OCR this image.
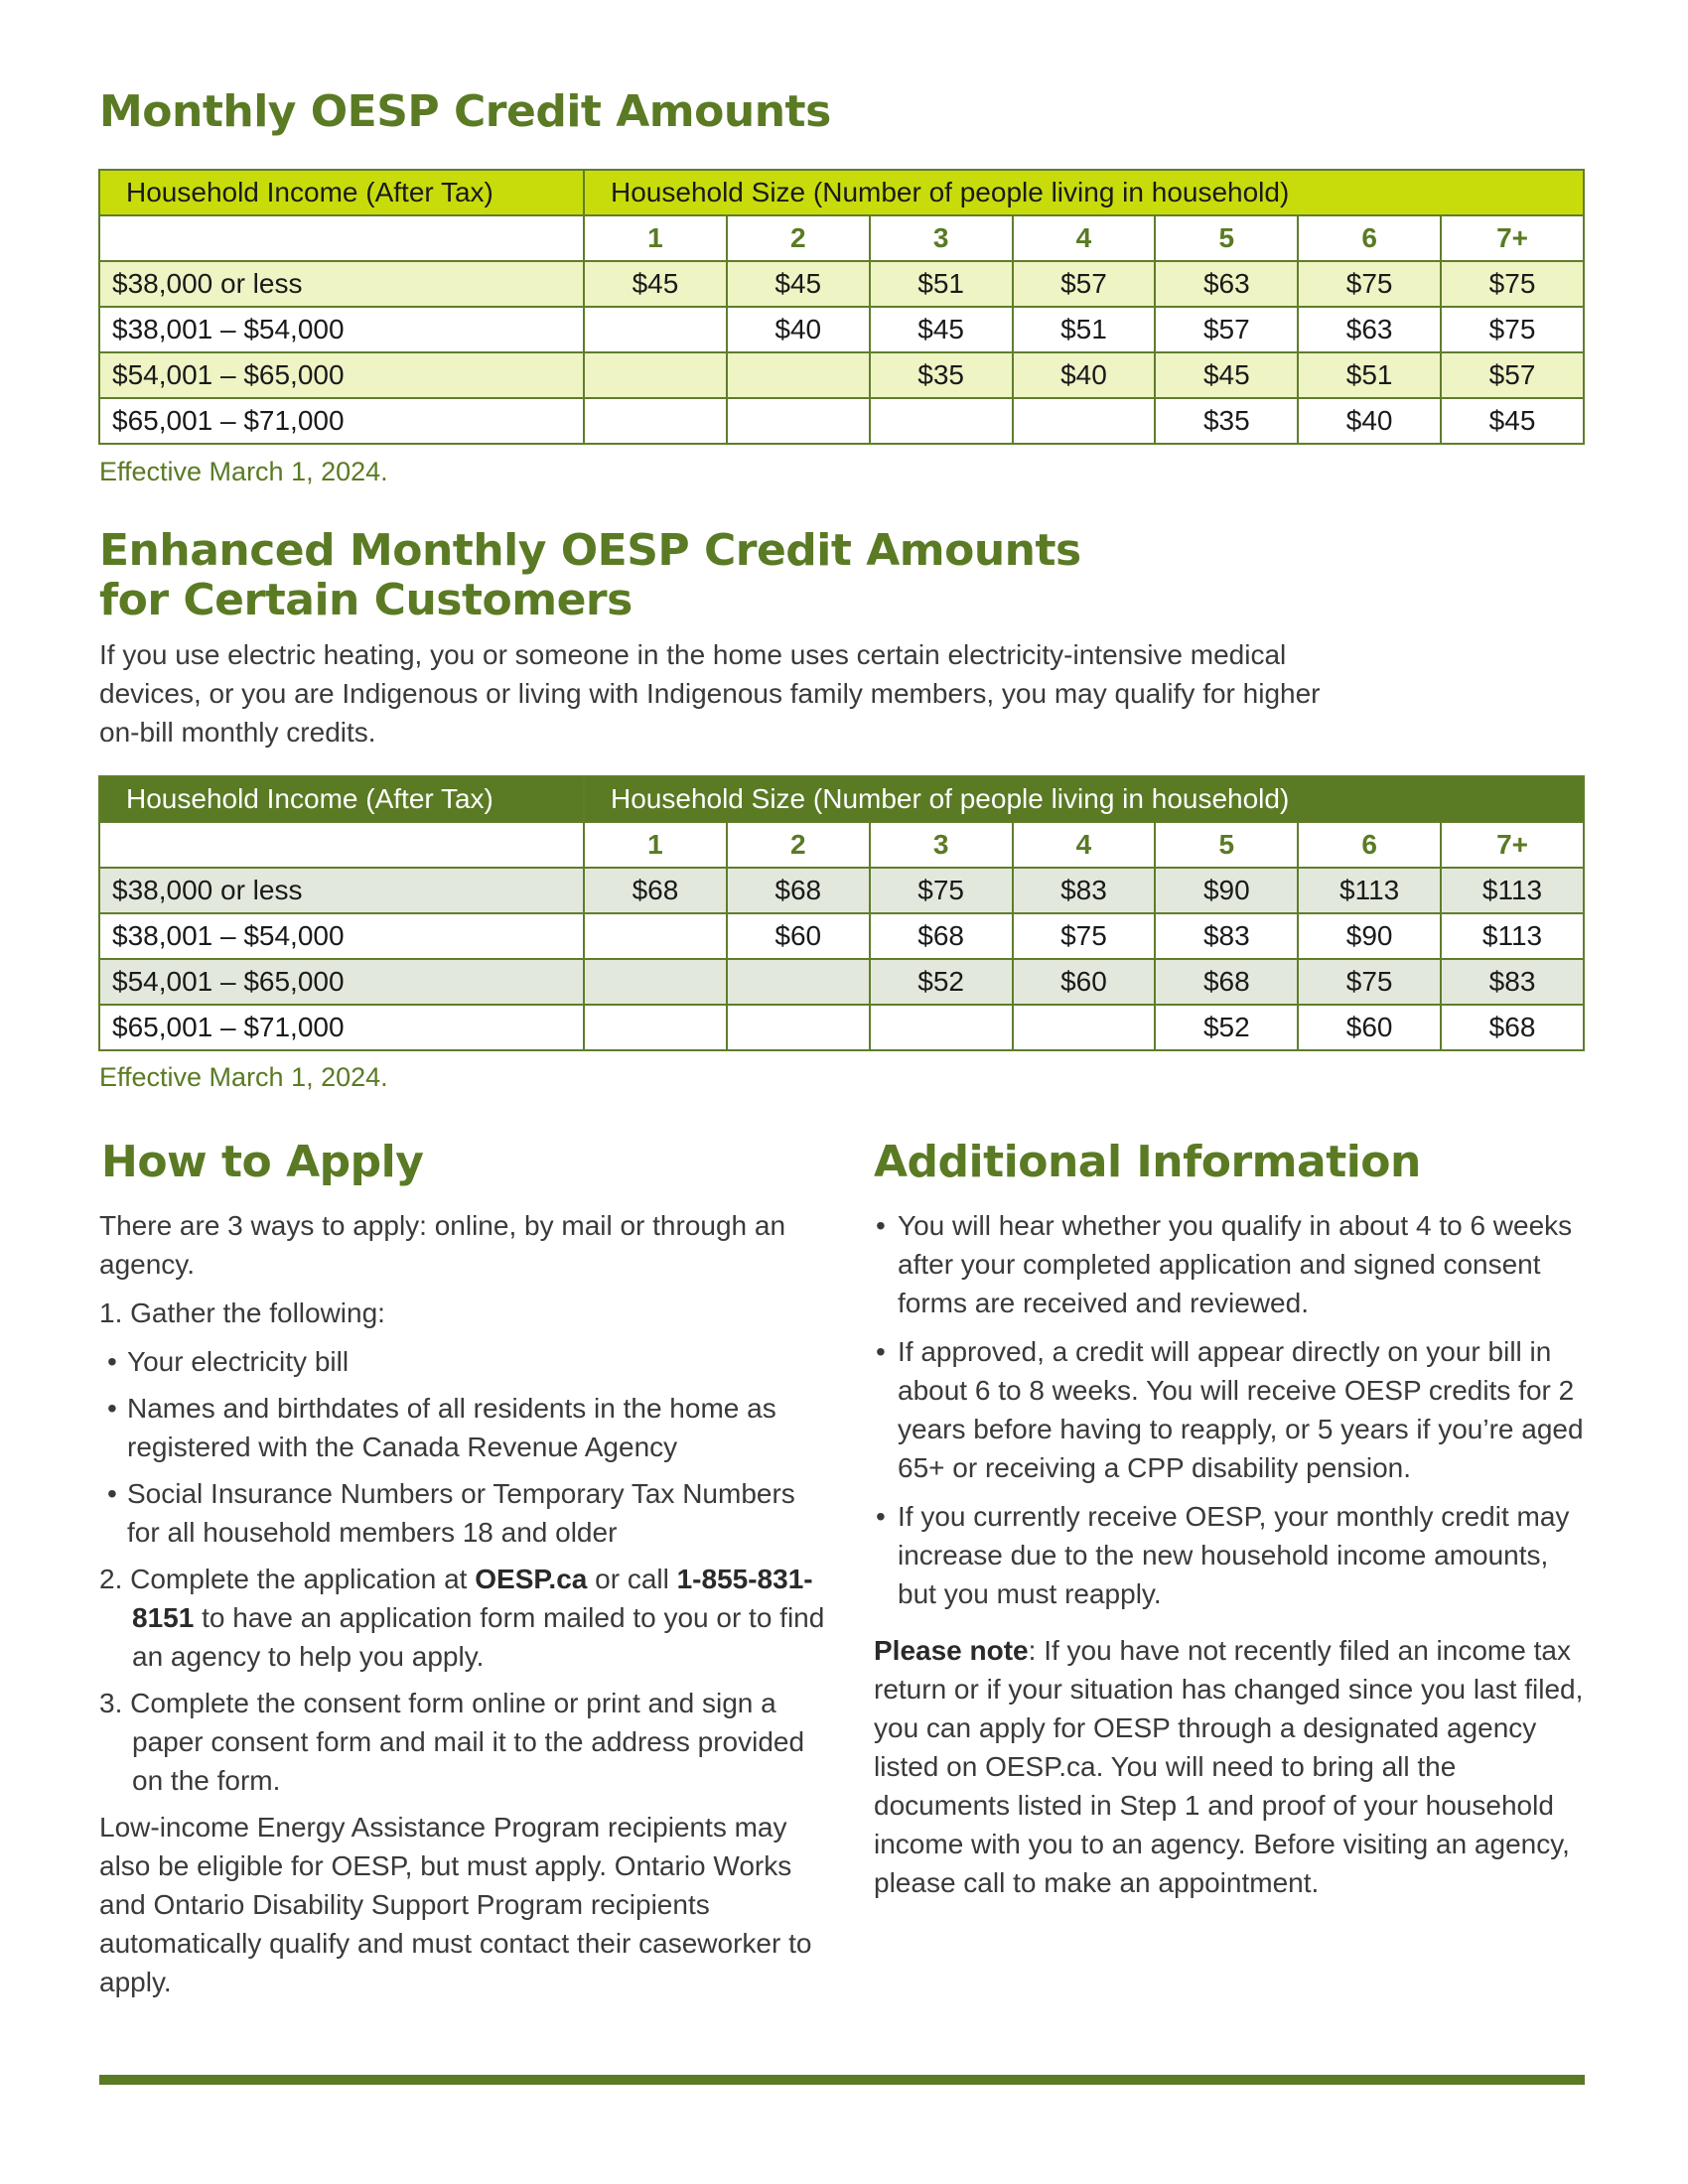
Monthly OESP Credit Amounts
Household Income (After Tax)	Household Size (Number of people living in household)						
	1	2	3	4	5	6	7+
$38,000 or less	$45	$45	$51	$57	$63	$75	$75
$38,001 – $54,000		$40	$45	$51	$57	$63	$75
$54,001 – $65,000			$35	$40	$45	$51	$57
$65,001 – $71,000					$35	$40	$45
Effective March 1, 2024.
Enhanced Monthly OESP Credit Amounts
for Certain Customers

If you use electric heating, you or someone in the home uses certain electricity-intensive medical devices, or you are Indigenous or living with Indigenous family members, you may qualify for higher on-bill monthly credits.

Household Income (After Tax)	Household Size (Number of people living in household)						
	1	2	3	4	5	6	7+
$38,000 or less	$68	$68	$75	$83	$90	$113	$113
$38,001 – $54,000		$60	$68	$75	$83	$90	$113
$54,001 – $65,000			$52	$60	$68	$75	$83
$65,001 – $71,000					$52	$60	$68
Effective March 1, 2024.
How to Apply	Additional Information

There are 3 ways to apply: online, by mail or through an agency.

1. Gather the following:

• Your electricity bill
• Names and birthdates of all residents in the home as registered with the Canada Revenue Agency
• Social Insurance Numbers or Temporary Tax Numbers for all household members 18 and older

2. Complete the application at OESP.ca or call 1-855-831-8151 to have an application form mailed to you or to find an agency to help you apply.

3. Complete the consent form online or print and sign a paper consent form and mail it to the address provided on the form.

Low-income Energy Assistance Program recipients may also be eligible for OESP, but must apply. Ontario Works and Ontario Disability Support Program recipients automatically qualify and must contact their caseworker to apply.

• You will hear whether you qualify in about 4 to 6 weeks after your completed application and signed consent forms are received and reviewed.
• If approved, a credit will appear directly on your bill in about 6 to 8 weeks. You will receive OESP credits for 2 years before having to reapply, or 5 years if you’re aged 65+ or receiving a CPP disability pension.
• If you currently receive OESP, your monthly credit may increase due to the new household income amounts, but you must reapply.

Please note: If you have not recently filed an income tax return or if your situation has changed since you last filed, you can apply for OESP through a designated agency listed on OESP.ca. You will need to bring all the documents listed in Step 1 and proof of your household income with you to an agency. Before visiting an agency, please call to make an appointment.
